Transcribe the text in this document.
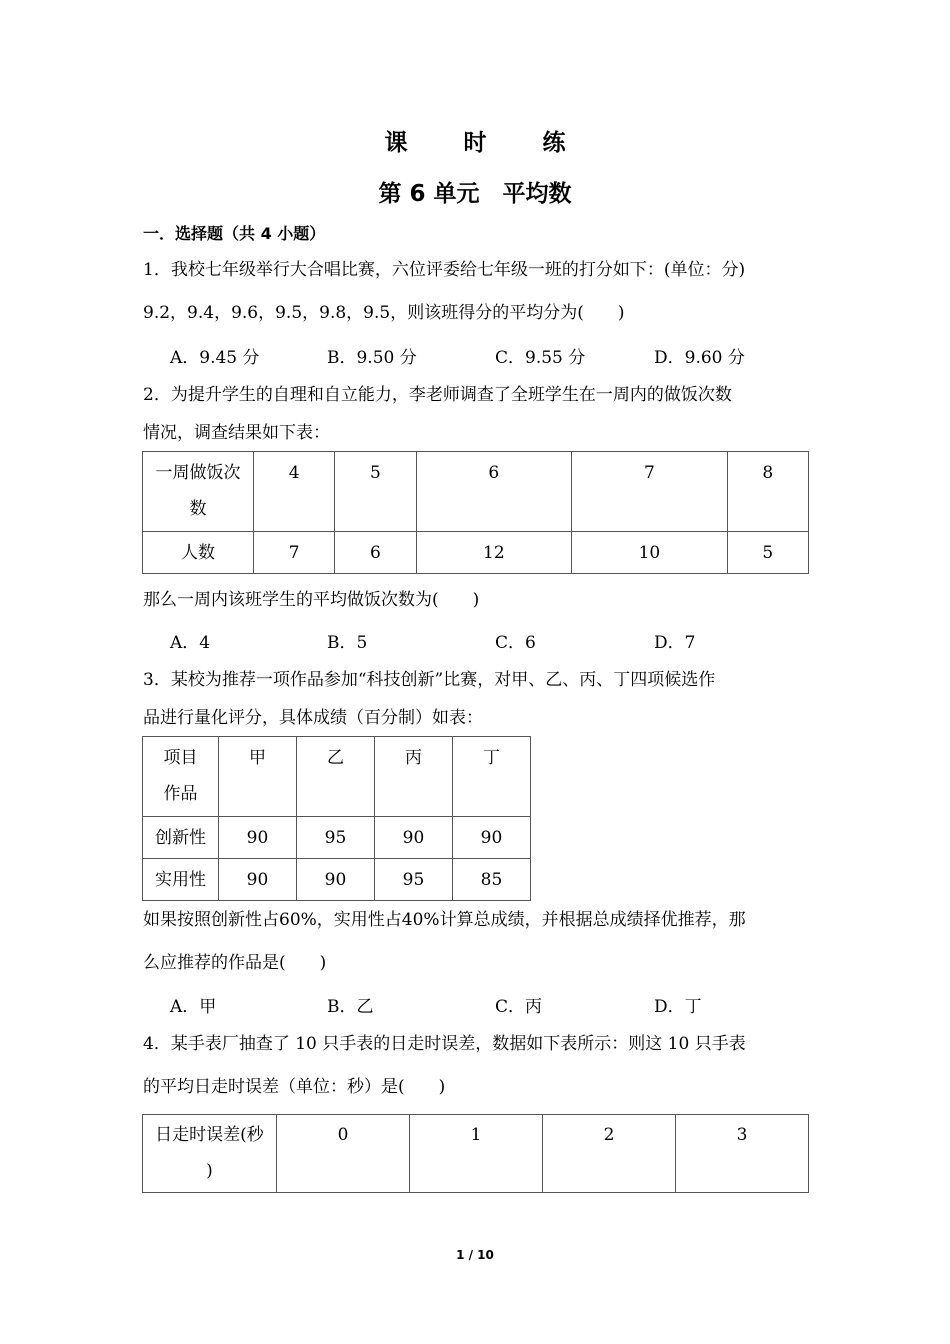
课 时 练
第 6 单元　平均数
一．选择题（共 4 小题）
1．我校七年级举行大合唱比赛，六位评委给七年级一班的打分如下：(单位：分)
9.2，9.4，9.6，9.5，9.8，9.5，则该班得分的平均分为(　　)
A．9.45 分	B．9.50 分	C．9.55 分	D．9.60 分
2．为提升学生的自理和自立能力，李老师调查了全班学生在一周内的做饭次数
情况，调查结果如下表：
一周做饭次
数	4	5	6	7	8
人数	7	6	12	10	5
那么一周内该班学生的平均做饭次数为(　　)
A．4	B．5	C．6	D．7
3．某校为推荐一项作品参加“科技创新”比赛，对甲、乙、丙、丁四项候选作
品进行量化评分，具体成绩（百分制）如表：
项目
作品	甲	乙	丙	丁
创新性	90	95	90	90
实用性	90	90	95	85
如果按照创新性占60%，实用性占40%计算总成绩，并根据总成绩择优推荐，那
么应推荐的作品是(　　)
A．甲	B．乙	C．丙	D．丁
4．某手表厂抽查了 10 只手表的日走时误差，数据如下表所示：则这 10 只手表
的平均日走时误差（单位：秒）是(　　)
日走时误差(秒
)
	0	1	2	3
1 / 10
